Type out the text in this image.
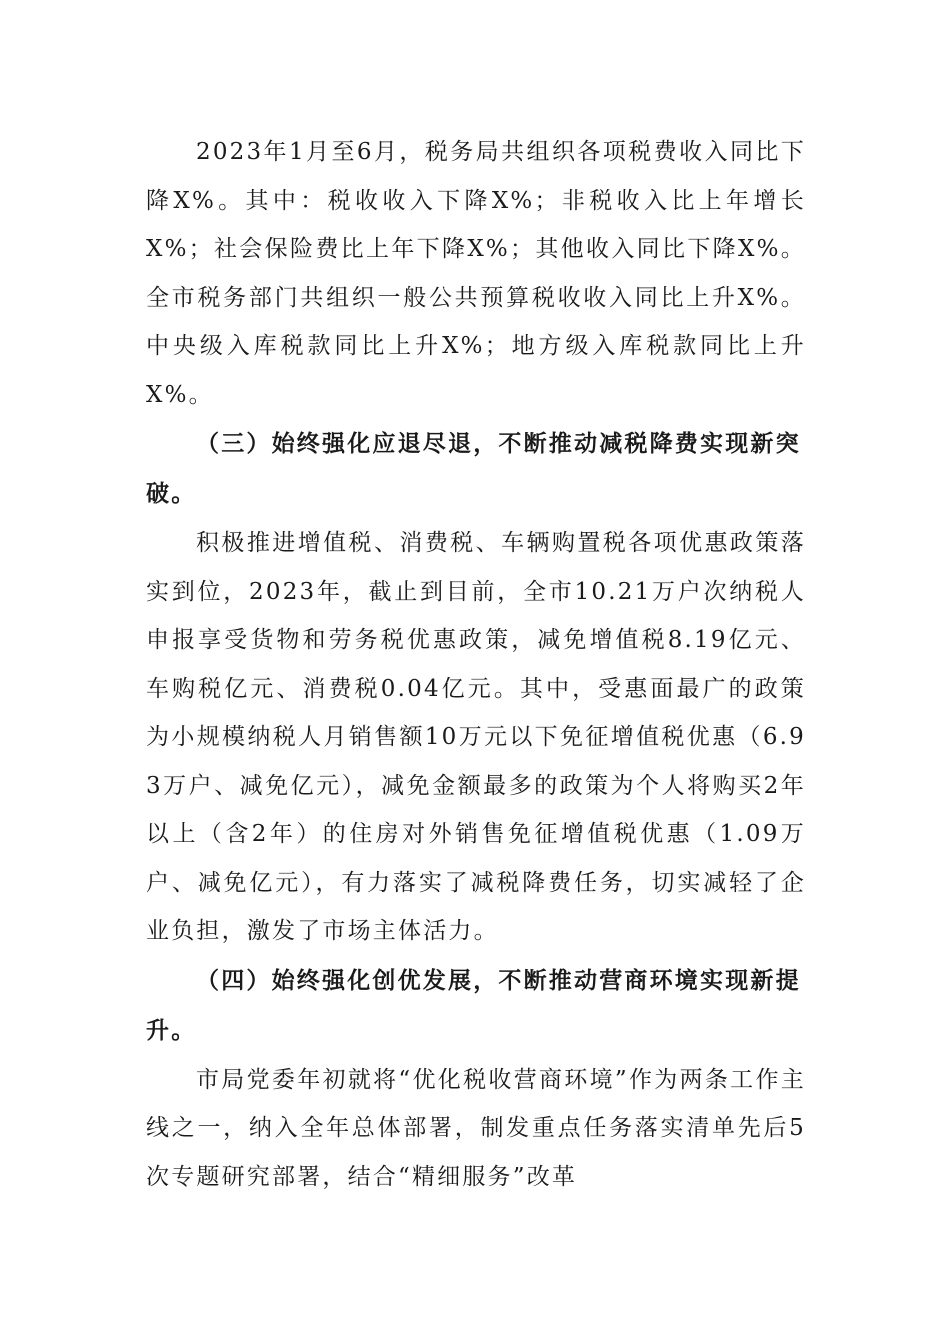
2023年1月至6月，税务局共组织各项税费收入同比下降X%。其中：税收收入下降X%；非税收入比上年增长X%；社会保险费比上年下降X%；其他收入同比下降X%。全市税务部门共组织一般公共预算税收收入同比上升X%。中央级入库税款同比上升X%；地方级入库税款同比上升X%。

（三）始终强化应退尽退，不断推动减税降费实现新突破。

积极推进增值税、消费税、车辆购置税各项优惠政策落实到位，2023年，截止到目前，全市10.21万户次纳税人申报享受货物和劳务税优惠政策，减免增值税8.19亿元、车购税亿元、消费税0.04亿元。其中，受惠面最广的政策为小规模纳税人月销售额10万元以下免征增值税优惠（6.93万户、减免亿元），减免金额最多的政策为个人将购买2年以上（含2年）的住房对外销售免征增值税优惠（1.09万户、减免亿元），有力落实了减税降费任务，切实减轻了企业负担，激发了市场主体活力。

（四）始终强化创优发展，不断推动营商环境实现新提升。

市局党委年初就将“优化税收营商环境”作为两条工作主线之一，纳入全年总体部署，制发重点任务落实清单先后5次专题研究部署，结合“精细服务”改革
